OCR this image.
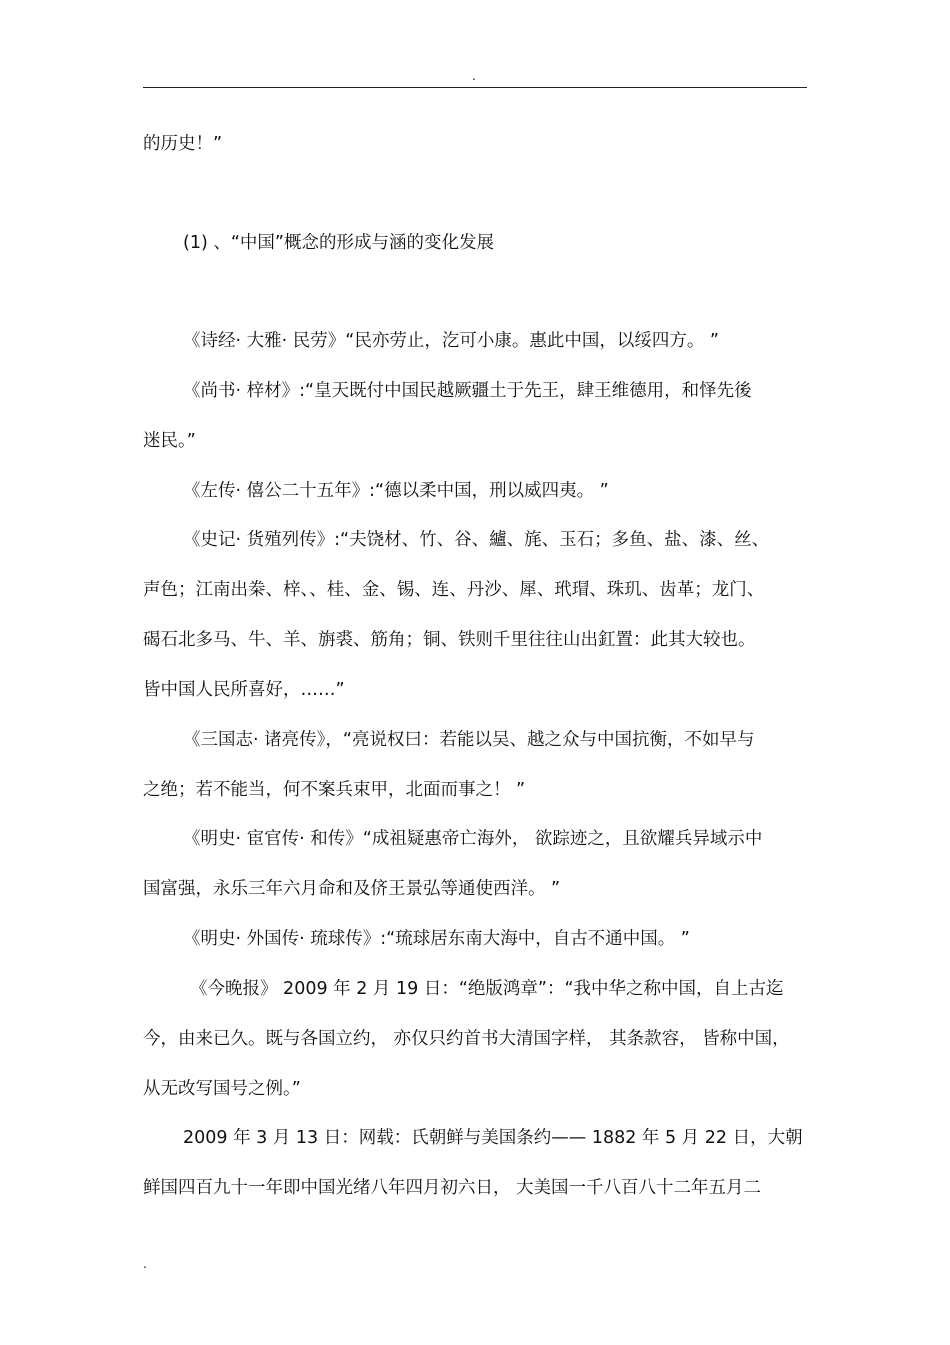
.
的历史！”
(1) 、“中国”概念的形成与涵的变化发展
《诗经· 大雅· 民劳》“民亦劳止，汔可小康。惠此中国，以绥四方。 ”
《尚书· 梓材》:“皇天既付中国民越厥疆土于先王，肆王维德用，和怿先後
迷民。”
《左传· 僖公二十五年》:“德以柔中国，刑以威四夷。 ”
《史记· 货殖列传》:“夫饶材、竹、谷、纑、旄、玉石；多鱼、盐、漆、丝、
声色；江南出桊、梓、、桂、金、锡、连、丹沙、犀、玳瑁、珠玑、齿革；龙门、
碣石北多马、牛、羊、旃裘、筋角；铜、铁则千里往往山出釭置：此其大较也。
皆中国人民所喜好，……”
《三国志· 诸亮传》，“亮说权曰：若能以吴、越之众与中国抗衡，不如早与
之绝；若不能当，何不案兵束甲，北面而事之！ ”
《明史· 宦官传· 和传》“成祖疑惠帝亡海外， 欲踪迹之，且欲耀兵异域示中
国富强，永乐三年六月命和及侪王景弘等通使西洋。 ”
《明史· 外国传· 琉球传》:“琉球居东南大海中，自古不通中国。 ”
《今晚报》 2009 年 2 月 19 日：“绝版鸿章”：“我中华之称中国，自上古迄
今，由来已久。既与各国立约， 亦仅只约首书大清国字样， 其条款容， 皆称中国，
从无改写国号之例。”
2009 年 3 月 13 日：网载：氏朝鲜与美国条约—— 1882 年 5 月 22 日，大朝
鲜国四百九十一年即中国光绪八年四月初六日， 大美国一千八百八十二年五月二
.
